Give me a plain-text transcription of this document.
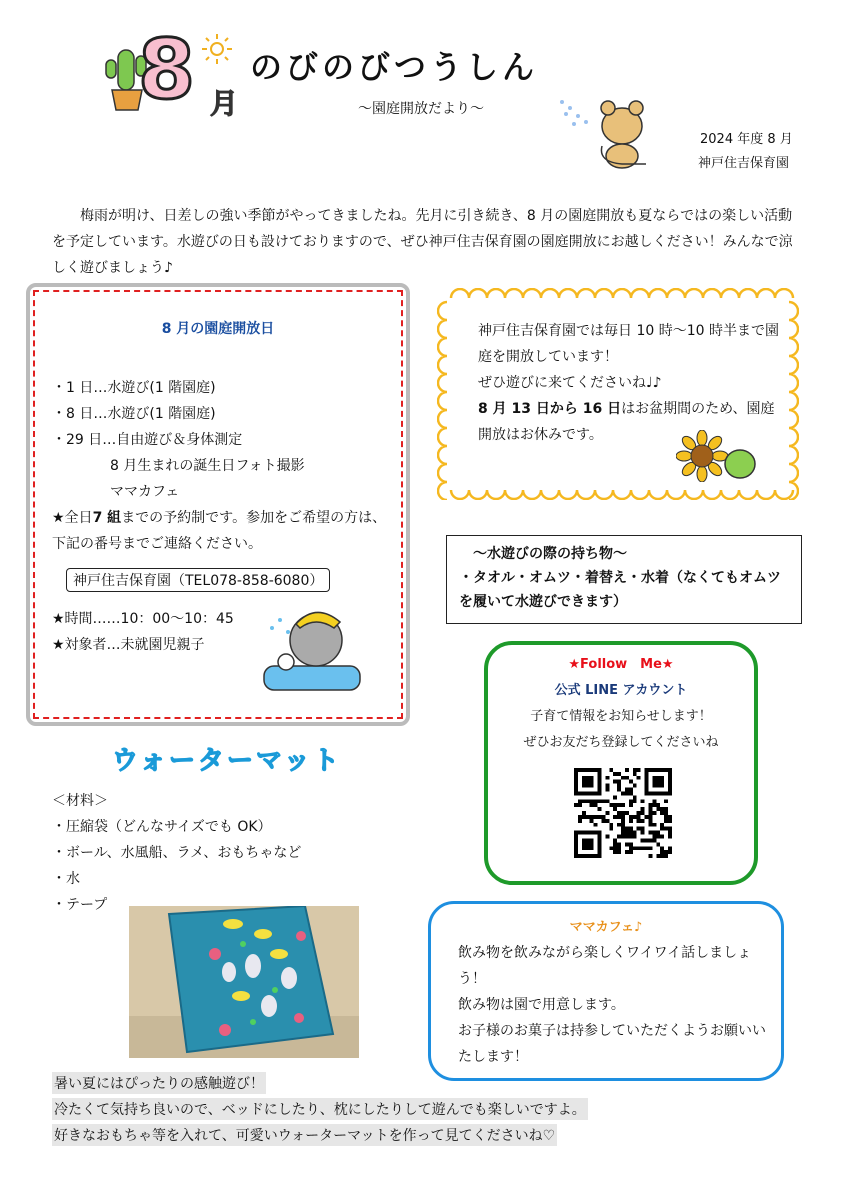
8 月
のびのびつうしん
～園庭開放だより～
2024 年度 8 月
神戸住吉保育園
梅雨が明け、日差しの強い季節がやってきましたね。先月に引き続き、8 月の園庭開放も夏ならではの楽しい活動を予定しています。水遊びの日も設けておりますので、ぜひ神戸住吉保育園の園庭開放にお越しください！みんなで涼しく遊びましょう♪
8 月の園庭開放日
・1 日…水遊び(1 階園庭)
・8 日…水遊び(1 階園庭)
・29 日…自由遊び＆身体測定
8 月生まれの誕生日フォト撮影
ママカフェ
★全日7 組までの予約制です。参加をご希望の方は、下記の番号までご連絡ください。
神戸住吉保育園（TEL078-858-6080）
★時間……10：00～10：45
★対象者…未就園児親子
神戸住吉保育園では毎日 10 時～10 時半まで園庭を開放しています！
ぜひ遊びに来てくださいね♩♪
8 月 13 日から 16 日はお盆期間のため、園庭開放はお休みです。
～水遊びの際の持ち物～
・タオル・オムツ・着替え・水着（なくてもオムツを履いて水遊びできます）
★Follow　Me★
公式 LINE アカウント
子育て情報をお知らせします！
ぜひお友だち登録してくださいね
ママカフェ♪
飲み物を飲みながら楽しくワイワイ話しましょう！
飲み物は園で用意します。
お子様のお菓子は持参していただくようお願いいたします！
ウォーターマット
＜材料＞
・圧縮袋（どんなサイズでも OK）
・ボール、水風船、ラメ、おもちゃなど
・水
・テープ
暑い夏にはぴったりの感触遊び！
冷たくて気持ち良いので、ベッドにしたり、枕にしたりして遊んでも楽しいですよ。
好きなおもちゃ等を入れて、可愛いウォーターマットを作って見てくださいね♡
